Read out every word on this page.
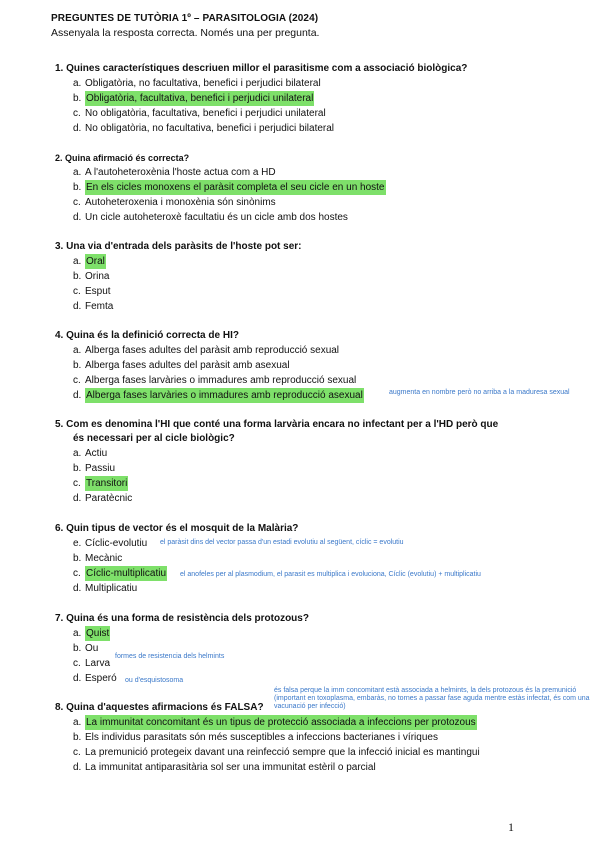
PREGUNTES DE TUTÒRIA 1º – PARASITOLOGIA (2024)
Assenyala la resposta correcta. Només una per pregunta.
1. Quines característiques descriuen millor el parasitisme com a associació biològica?
a. Obligatòria, no facultativa, benefici i perjudici bilateral
b. Obligatòria, facultativa, benefici i perjudici unilateral
c. No obligatòria, facultativa, benefici i perjudici unilateral
d. No obligatòria, no facultativa, benefici i perjudici bilateral
2. Quina afirmació és correcta?
a. A l'autoheteroxènia l'hoste actua com a HD
b. En els cicles monoxens el paràsit completa el seu cicle en un hoste
c. Autoheteroxenia i monoxènia són sinònims
d. Un cicle autoheteroxè facultatiu és un cicle amb dos hostes
3. Una via d'entrada dels paràsits de l'hoste pot ser:
a. Oral
b. Orina
c. Esput
d. Femta
4. Quina és la definició correcta de HI?
a. Alberga fases adultes del paràsit amb reproducció sexual
b. Alberga fases adultes del paràsit amb asexual
c. Alberga fases larvàries o immadures amb reproducció sexual
d. Alberga fases larvàries o immadures amb reproducció asexual	augmenta en nombre però no arriba a la maduresa sexual
5. Com es denomina l'HI que conté una forma larvària encara no infectant per a l'HD però que
és necessari per al cicle biològic?
a. Actiu
b. Passiu
c. Transitori
d. Paratècnic
6. Quin tipus de vector és el mosquit de la Malària?
e. Cíclic-evolutiu
b. Mecànic
c. Cíclic-multiplicatiu
d. Multiplicatiu
el paràsit dins del vector passa d'un estadi evolutiu al següent, cíclic = evolutiu
el anofeles per al plasmodium, el parasit es multiplica i evoluciona, Cíclic (evolutiu) + multiplicatiu
7. Quina és una forma de resistència dels protozous?
a. Quist
b. Ou
c. Larva
d. Esperó
formes de resistencia dels helmints
ou d'esquistosoma
8. Quina d'aquestes afirmacions és FALSA?
a. La immunitat concomitant és un tipus de protecció associada a infeccions per protozous
b. Els individus parasitats són més susceptibles a infeccions bacterianes i víriques
c. La premunició protegeix davant una reinfecció sempre que la infecció inicial es mantingui
d. La immunitat antiparasitària sol ser una immunitat estèril o parcial
és falsa perque la imm concomitant està associada a helmints, la dels protozous és la premunició (important en toxoplasma, embaràs, no tornes a passar fase aguda mentre estàs infectat, és com una vacunació per infecció)
1
